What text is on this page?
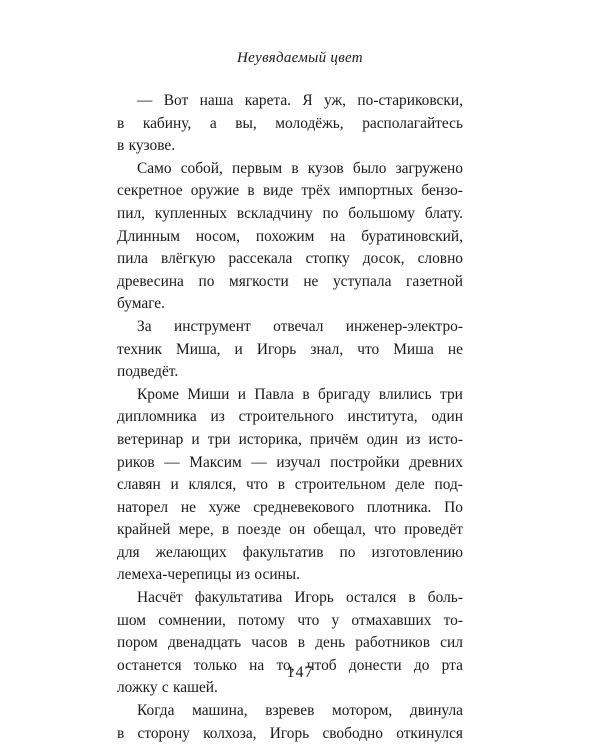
Неувядаемый цвет
— Вот наша карета. Я уж, по-стариковски,
в кабину, а вы, молодёжь, располагайтесь
в кузове.
Само собой, первым в кузов было загружено
секретное оружие в виде трёх импортных бензо-
пил, купленных вскладчину по большому блату.
Длинным носом, похожим на буратиновский,
пила влёгкую рассекала стопку досок, словно
древесина по мягкости не уступала газетной
бумаге.
За инструмент отвечал инженер-электро-
техник Миша, и Игорь знал, что Миша не
подведёт.
Кроме Миши и Павла в бригаду влились три
дипломника из строительного института, один
ветеринар и три историка, причём один из исто-
риков — Максим — изучал постройки древних
славян и клялся, что в строительном деле под-
наторел не хуже средневекового плотника. По
крайней мере, в поезде он обещал, что проведёт
для желающих факультатив по изготовлению
лемеха-черепицы из осины.
Насчёт факультатива Игорь остался в боль-
шом сомнении, потому что у отмахавших то-
пором двенадцать часов в день работников сил
останется только на то, чтоб донести до рта
ложку с кашей.
Когда машина, взревев мотором, двинула
в сторону колхоза, Игорь свободно откинулся
147
